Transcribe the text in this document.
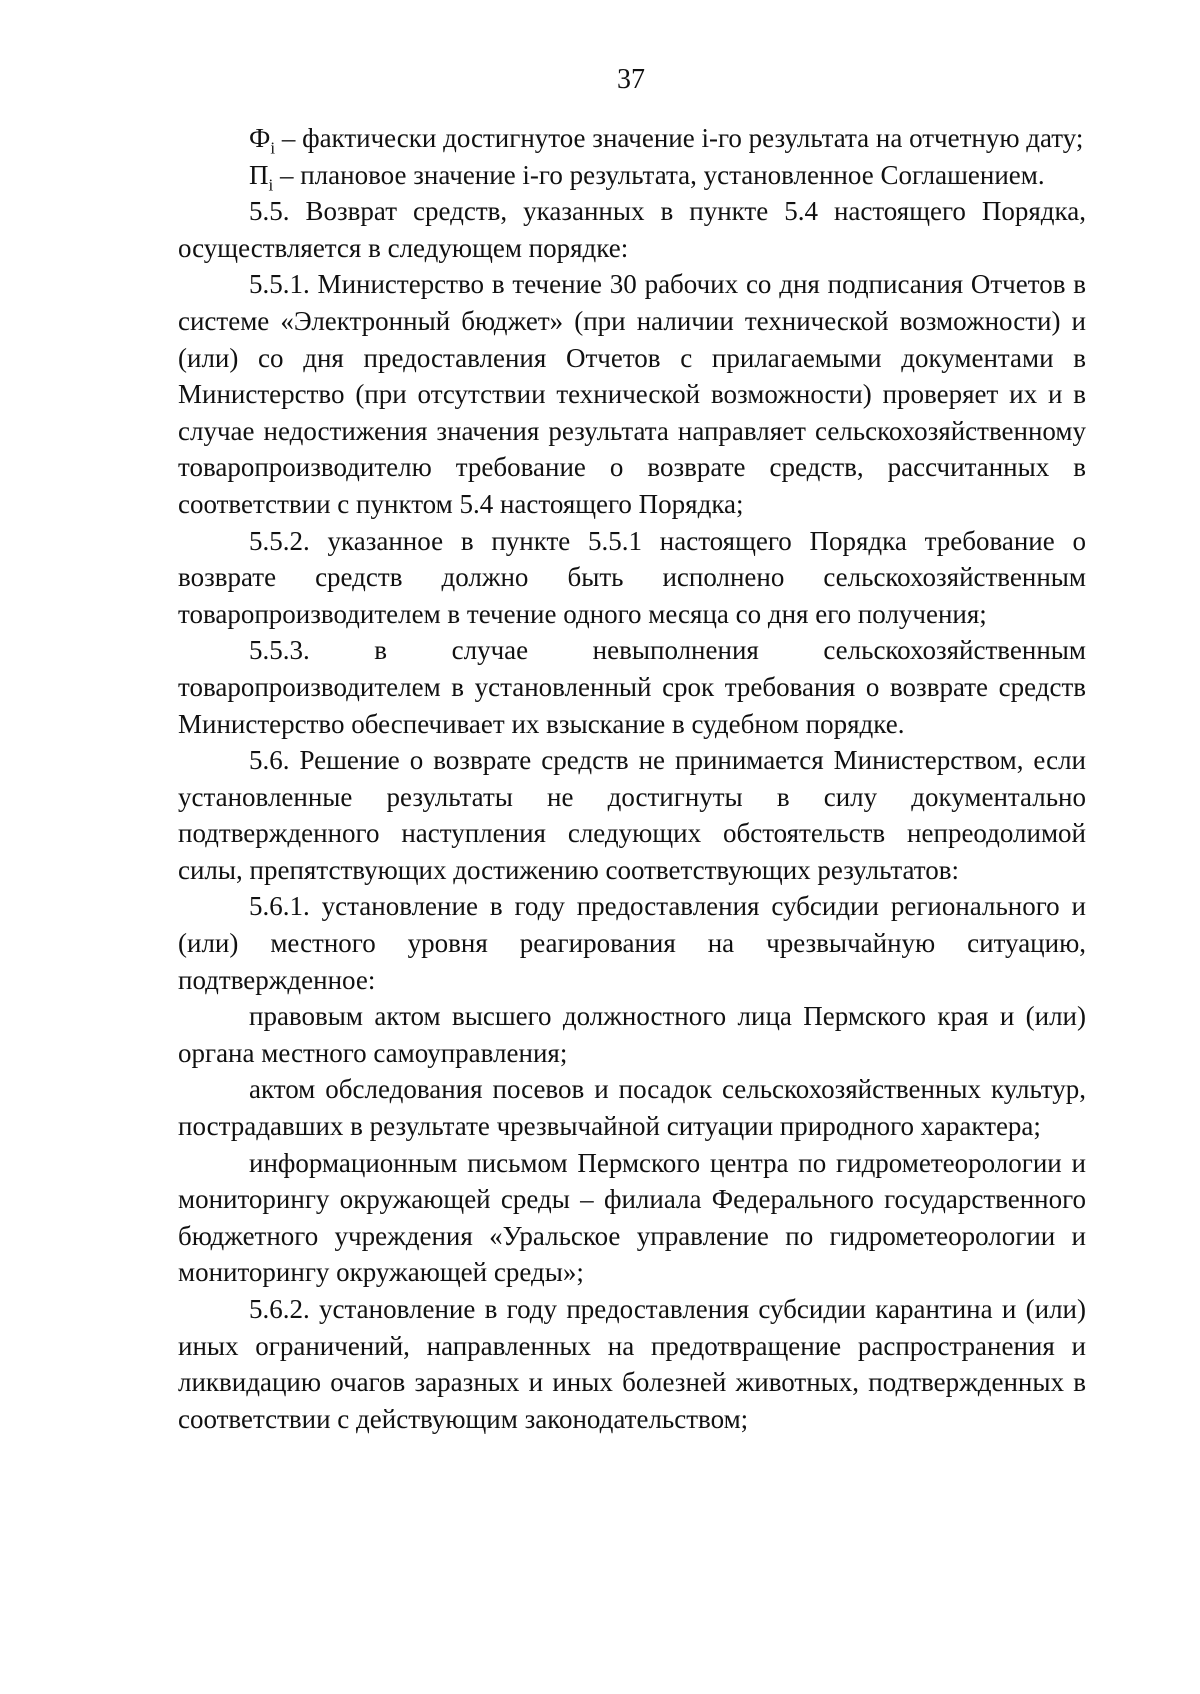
37

$Ф_i$ – фактически достигнутое значение i-го результата на отчетную дату;

$П_i$ – плановое значение i-го результата, установленное Соглашением.

5.5. Возврат средств, указанных в пункте 5.4 настоящего Порядка, осуществляется в следующем порядке:

5.5.1. Министерство в течение 30 рабочих со дня подписания Отчетов в системе «Электронный бюджет» (при наличии технической возможности) и (или) со дня предоставления Отчетов с прилагаемыми документами в Министерство (при отсутствии технической возможности) проверяет их и в случае недостижения значения результата направляет сельскохозяйственному товаропроизводителю требование о возврате средств, рассчитанных в соответствии с пунктом 5.4 настоящего Порядка;

5.5.2. указанное в пункте 5.5.1 настоящего Порядка требование о возврате средств должно быть исполнено сельскохозяйственным товаропроизводителем в течение одного месяца со дня его получения;

5.5.3. в случае невыполнения сельскохозяйственным товаропроизводителем в установленный срок требования о возврате средств Министерство обеспечивает их взыскание в судебном порядке.

5.6. Решение о возврате средств не принимается Министерством, если установленные результаты не достигнуты в силу документально подтвержденного наступления следующих обстоятельств непреодолимой силы, препятствующих достижению соответствующих результатов:

5.6.1. установление в году предоставления субсидии регионального и (или) местного уровня реагирования на чрезвычайную ситуацию, подтвержденное:

правовым актом высшего должностного лица Пермского края и (или) органа местного самоуправления;

актом обследования посевов и посадок сельскохозяйственных культур, пострадавших в результате чрезвычайной ситуации природного характера;

информационным письмом Пермского центра по гидрометеорологии и мониторингу окружающей среды – филиала Федерального государственного бюджетного учреждения «Уральское управление по гидрометеорологии и мониторингу окружающей среды»;

5.6.2. установление в году предоставления субсидии карантина и (или) иных ограничений, направленных на предотвращение распространения и ликвидацию очагов заразных и иных болезней животных, подтвержденных в соответствии с действующим законодательством;
